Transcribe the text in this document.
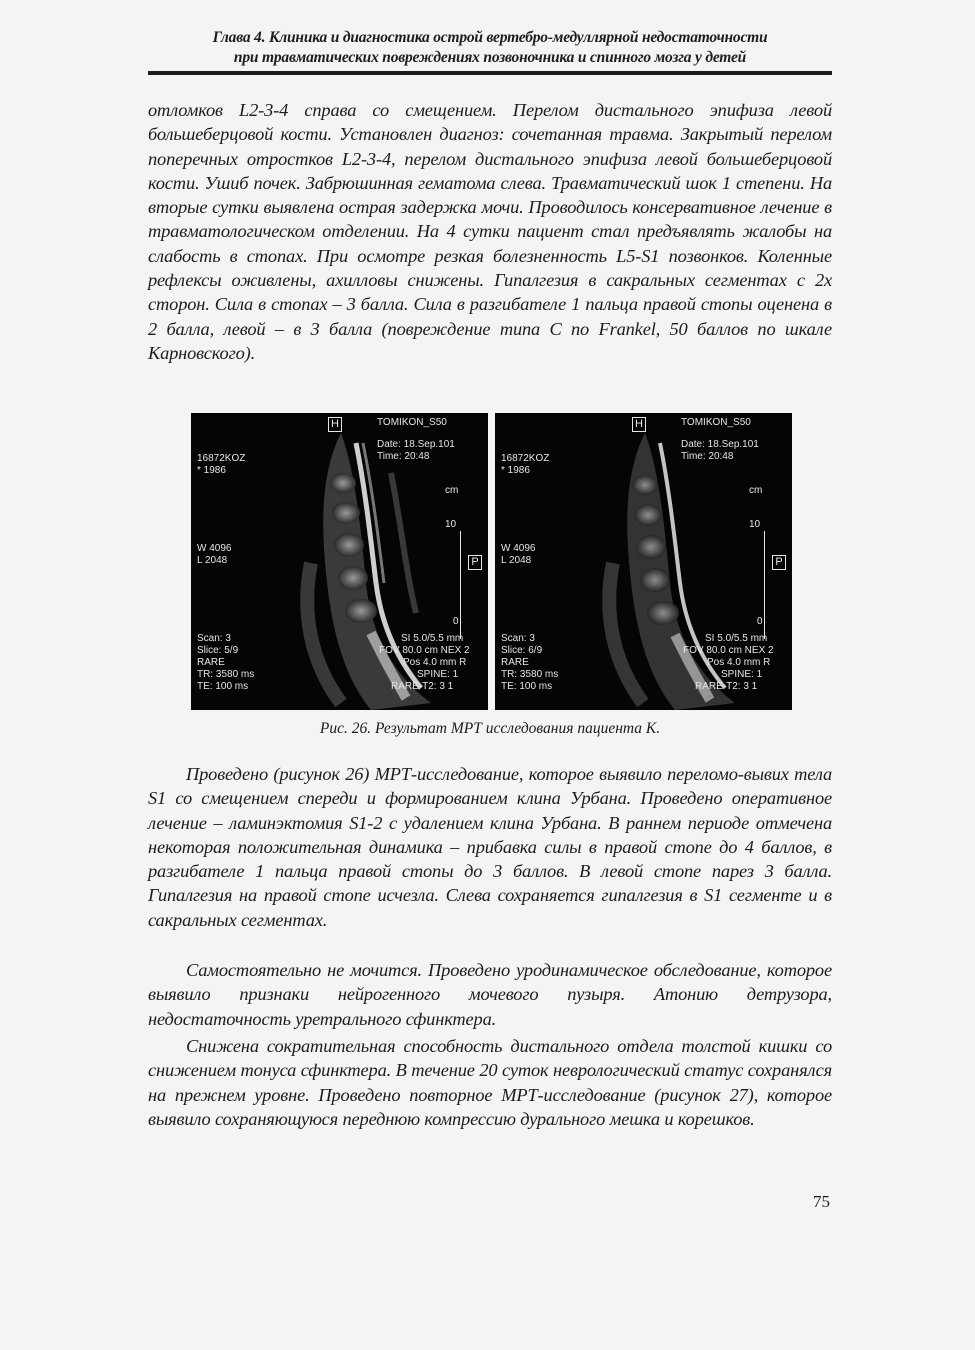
Глава 4. Клиника и диагностика острой вертебро-медуллярной недостаточности
при травматических повреждениях позвоночника и спинного мозга у детей

отломков L2-3-4 справа со смещением. Перелом дистального эпифиза левой большеберцовой кости. Установлен диагноз: сочетанная травма. Закрытый перелом поперечных отростков L2-3-4, перелом дистального эпифиза левой большеберцовой кости. Ушиб почек. Забрюшинная гематома слева. Травматический шок 1 степени. На вторые сутки выявлена острая задержка мочи. Проводилось консервативное лечение в травматологическом отделении. На 4 сутки пациент стал предъявлять жалобы на слабость в стопах. При осмотре резкая болезненность L5-S1 позвонков. Коленные рефлексы оживлены, ахилловы снижены. Гипалгезия в сакральных сегментах с 2х сторон. Сила в стопах – 3 балла. Сила в разгибателе 1 пальца правой стопы оценена в 2 балла, левой – в 3 балла (повреждение типа С по Frankel, 50 баллов по шкале Карновского).

H	TOMIKON_S50
Date: 18.Sep.101
Time: 20:48
16872KOZ
* 1986
cm
10
W 4096
L 2048	P
0
Scan: 3
Slice: 5/9
RARE
TR: 3580 ms
TE: 100 ms
SI 5.0/5.5 mm
FOV 80.0 cm NEX 2
Pos 4.0 mm R
SPINE: 1
RARE-T2: 3 1
H	TOMIKON_S50
Date: 18.Sep.101
Time: 20:48
16872KOZ
* 1986
cm
10
W 4096
L 2048	P
0
Scan: 3
Slice: 6/9
RARE
TR: 3580 ms
TE: 100 ms
SI 5.0/5.5 mm
FOV 80.0 cm NEX 2
Pos 4.0 mm R
SPINE: 1
RARE-T2: 3 1
Рис. 26. Результат МРТ исследования пациента К.

Проведено (рисунок 26) МРТ-исследование, которое выявило переломо-вывих тела S1 со смещением спереди и формированием клина Урбана. Проведено оперативное лечение – ламинэктомия S1-2 с удалением клина Урбана. В раннем периоде отмечена некоторая положительная динамика – прибавка силы в правой стопе до 4 баллов, в разгибателе 1 пальца правой стопы до 3 баллов. В левой стопе парез 3 балла. Гипалгезия на правой стопе исчезла. Слева сохраняется гипалгезия в S1 сегменте и в сакральных сегментах.

Самостоятельно не мочится. Проведено уродинамическое обследование, которое выявило признаки нейрогенного мочевого пузыря. Атонию детрузора, недостаточность уретрального сфинктера.

Снижена сократительная способность дистального отдела толстой кишки со снижением тонуса сфинктера. В течение 20 суток неврологический статус сохранялся на прежнем уровне. Проведено повторное МРТ-исследование (рисунок 27), которое выявило сохраняющуюся переднюю компрессию дурального мешка и корешков.

75
